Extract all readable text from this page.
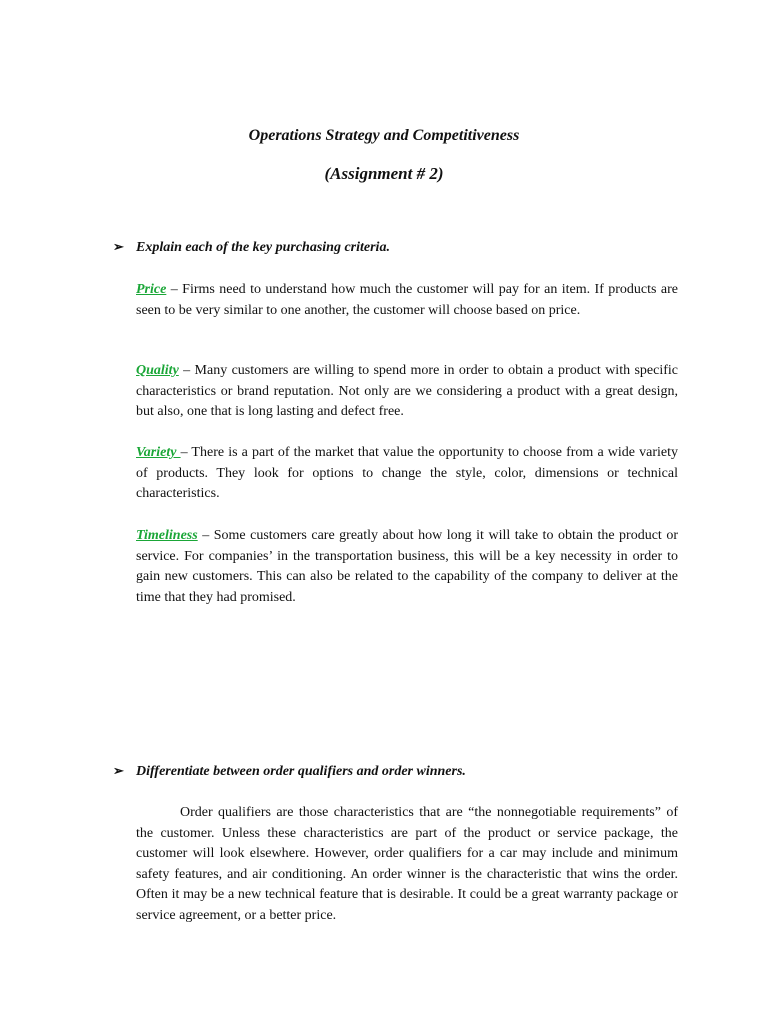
Operations Strategy and Competitiveness
(Assignment # 2)
➢ Explain each of the key purchasing criteria.

Price – Firms need to understand how much the customer will pay for an item. If products are seen to be very similar to one another, the customer will choose based on price.

Quality – Many customers are willing to spend more in order to obtain a product with specific characteristics or brand reputation. Not only are we considering a product with a great design, but also, one that is long lasting and defect free.

Variety – There is a part of the market that value the opportunity to choose from a wide variety of products. They look for options to change the style, color, dimensions or technical characteristics.

Timeliness – Some customers care greatly about how long it will take to obtain the product or service. For companies’ in the transportation business, this will be a key necessity in order to gain new customers. This can also be related to the capability of the company to deliver at the time that they had promised.

➢ Differentiate between order qualifiers and order winners.

Order qualifiers are those characteristics that are “the nonnegotiable requirements” of the customer. Unless these characteristics are part of the product or service package, the customer will look elsewhere. However, order qualifiers for a car may include and minimum safety features, and air conditioning. An order winner is the characteristic that wins the order. Often it may be a new technical feature that is desirable. It could be a great warranty package or service agreement, or a better price.
